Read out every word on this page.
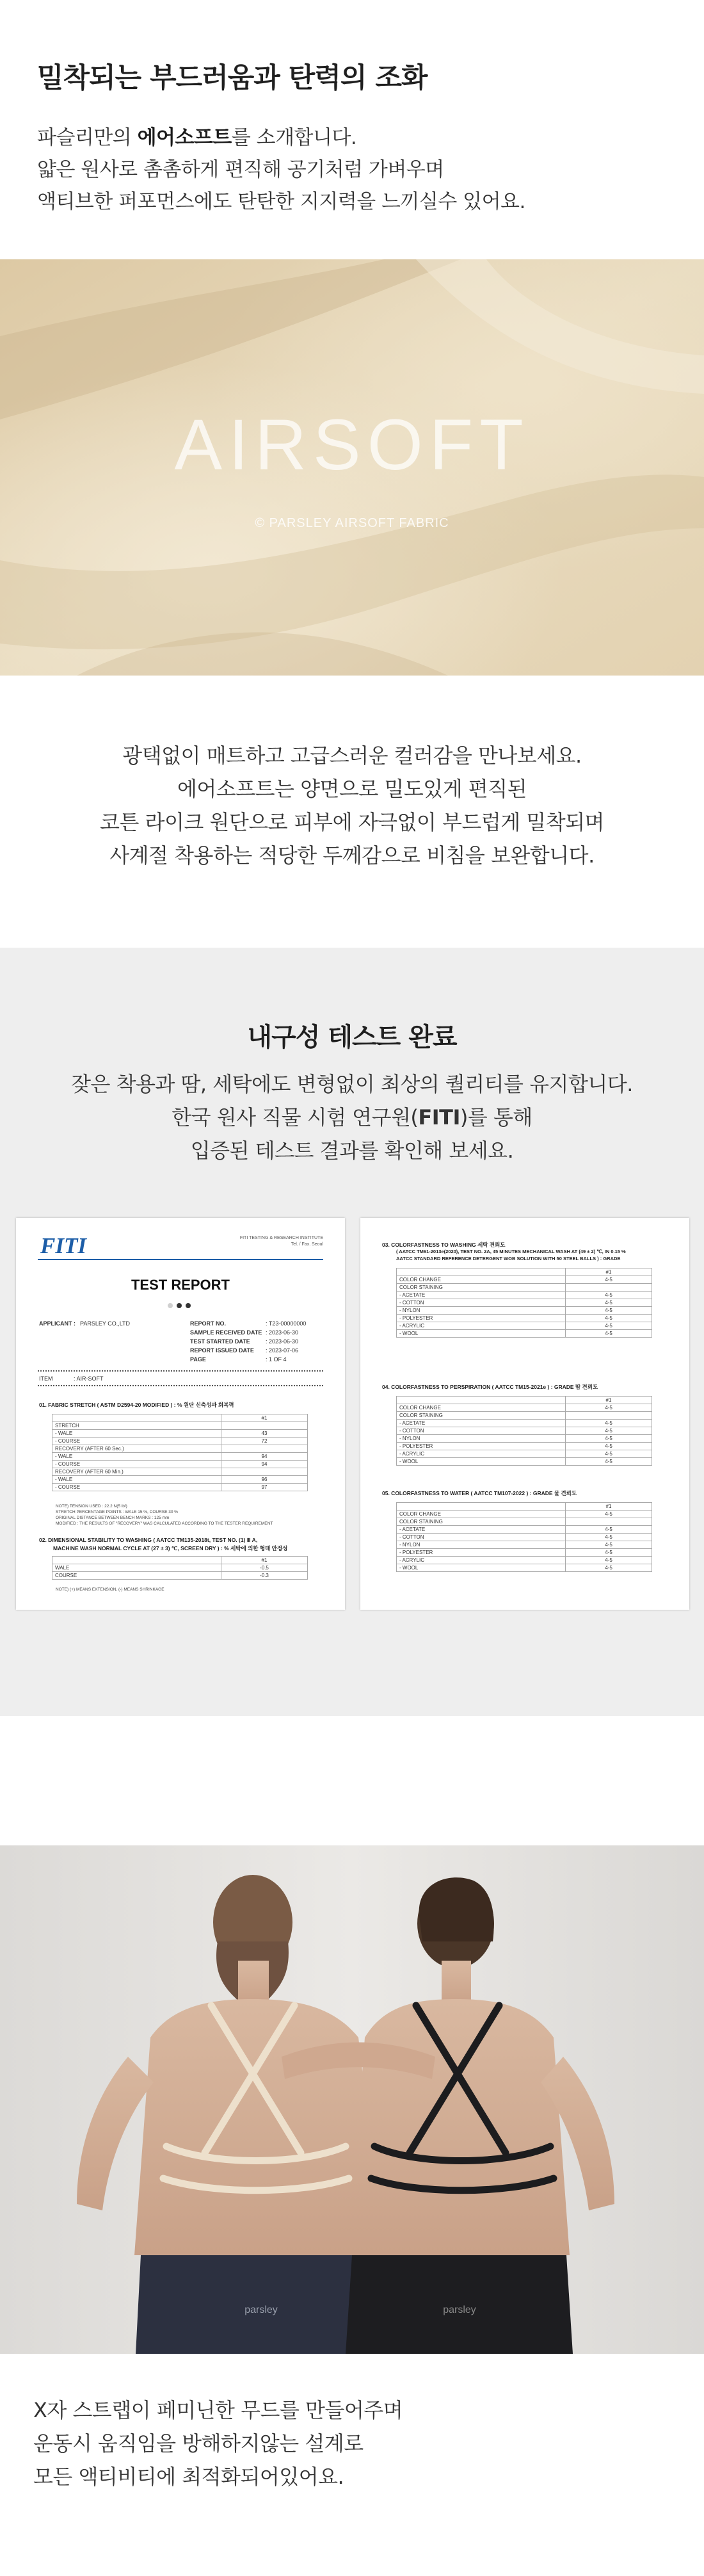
밀착되는 부드러움과 탄력의 조화
파슬리만의 에어소프트를 소개합니다.
얇은 원사로 촘촘하게 편직해 공기처럼 가벼우며
액티브한 퍼포먼스에도 탄탄한 지지력을 느끼실수 있어요.
AIRSOFT
© PARSLEY AIRSOFT FABRIC
광택없이 매트하고 고급스러운 컬러감을 만나보세요.
에어소프트는 양면으로 밀도있게 편직된
코튼 라이크 원단으로 피부에 자극없이 부드럽게 밀착되며
사계절 착용하는 적당한 두께감으로 비침을 보완합니다.
내구성 테스트 완료
잦은 착용과 땀, 세탁에도 변형없이 최상의 퀄리티를 유지합니다.
한국 원사 직물 시험 연구원(FITI)를 통해
입증된 테스트 결과를 확인해 보세요.
FITI	FITI TESTING & RESEARCH INSTITUTE
Tel. / Fax. Seoul
TEST REPORT
APPLICANT : PARSLEY CO.,LTD	REPORT NO.	: T23-00000000
SAMPLE RECEIVED DATE : 2023-06-30
TEST STARTED DATE	: 2023-06-30
REPORT ISSUED DATE : 2023-07-06
PAGE	: 1 OF 4
ITEM	: AIR-SOFT
01. FABRIC STRETCH ( ASTM D2594-20 MODIFIED ) : % 원단 신축성과 회복력
	#1
STRETCH	
- WALE	43
- COURSE	72
RECOVERY (AFTER 60 Sec.)	
- WALE	94
- COURSE	94
RECOVERY (AFTER 60 Min.)	
- WALE	96
- COURSE	97
NOTE) TENSION USED : 22.2 N(5 lbf)
STRETCH PERCENTAGE POINTS : WALE 15 %, COURSE 30 %
ORIGINAL DISTANCE BETWEEN BENCH MARKS : 125 mm
MODIFIED : THE RESULTS OF "RECOVERY" WAS CALCULATED ACCORDING TO THE TESTER REQUIREMENT
02. DIMENSIONAL STABILITY TO WASHING ( AATCC TM135-2018t, TEST NO. (1) Ⅲ A,
MACHINE WASH NORMAL CYCLE AT (27 ± 3) ℃, SCREEN DRY ) : % 세탁에 의한 형태 안정성
	#1
WALE	-0.5
COURSE	-0.3
NOTE) (+) MEANS EXTENSION, (-) MEANS SHRINKAGE
03. COLORFASTNESS TO WASHING 세탁 견뢰도
( AATCC TM61-2013e(2020), TEST NO. 2A, 45 MINUTES MECHANICAL WASH AT (49 ± 2) ℃, IN 0.15 %
AATCC STANDARD REFERENCE DETERGENT WOB SOLUTION WITH 50 STEEL BALLS ) : GRADE
	#1
COLOR CHANGE	4-5
COLOR STAINING	
- ACETATE	4-5
- COTTON	4-5
- NYLON	4-5
- POLYESTER	4-5
- ACRYLIC	4-5
- WOOL	4-5
04. COLORFASTNESS TO PERSPIRATION ( AATCC TM15-2021e ) : GRADE 땀 견뢰도
	#1
COLOR CHANGE	4-5
COLOR STAINING	
- ACETATE	4-5
- COTTON	4-5
- NYLON	4-5
- POLYESTER	4-5
- ACRYLIC	4-5
- WOOL	4-5
05. COLORFASTNESS TO WATER ( AATCC TM107-2022 ) : GRADE 물 견뢰도
	#1
COLOR CHANGE	4-5
COLOR STAINING	
- ACETATE	4-5
- COTTON	4-5
- NYLON	4-5
- POLYESTER	4-5
- ACRYLIC	4-5
- WOOL	4-5
parsley	parsley
X자 스트랩이 페미닌한 무드를 만들어주며
운동시 움직임을 방해하지않는 설계로
모든 액티비티에 최적화되어있어요.
